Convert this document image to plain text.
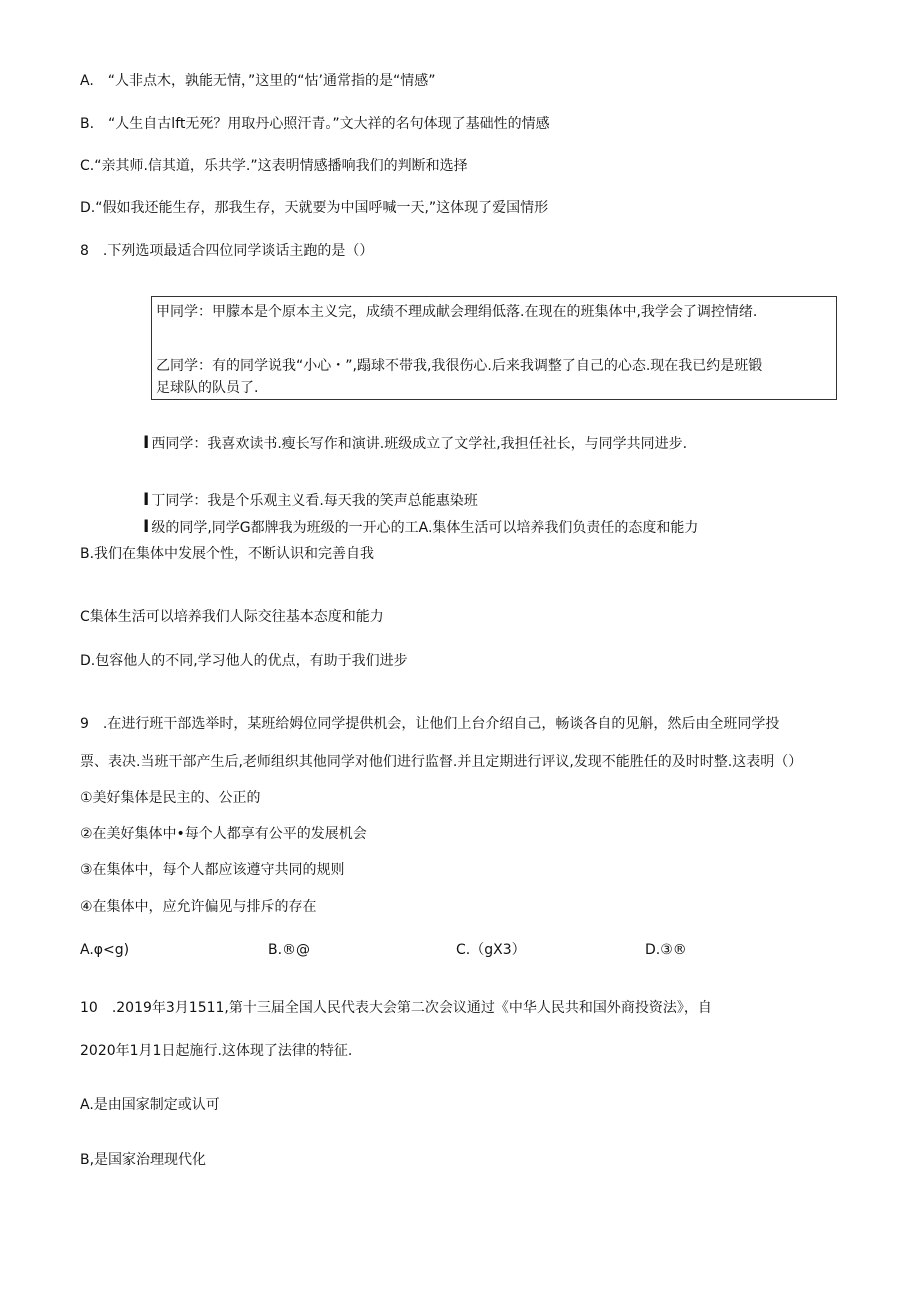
A.　“人非点木，孰能无情，”这里的“怙’通常指的是“情感”
B.　“人生自古lft无死？用取丹心照汗青。”文大祥的名句体现了基础性的情感
C.“亲其师.信其道，乐共学.”这表明情感播响我们的判断和选择
D.“假如我还能生存，那我生存，天就要为中国呼喊一天,”这体现了爱国情形
8　.下列选项最适合四位同学谈话主跑的是（）
甲同学：甲朦本是个原本主义完，成绩不理成献会理绢低落.在现在的班集体中,我学会了调控情绪.
乙同学：有的同学说我“小心・”,蹋球不带我,我很伤心.后来我调整了自己的心态.现在我已约是班锻
足球队的队员了.
I 西同学：我喜欢读书.瘦长写作和演讲.班级成立了文学社,我担任社长，与同学共同进步.
I 丁同学：我是个乐观主义看.每天我的笑声总能惠染班
I 级的同学,同学G都牌我为班级的一开心的工A.集体生活可以培养我们负责任的态度和能力
B.我们在集体中发展个性，不断认识和完善自我
C集体生活可以培养我们人际交往基本态度和能力
D.包容他人的不同,学习他人的优点，有助于我们进步
9　.在进行班干部选举时，某班给姆位同学提供机会，让他们上台介绍自己，畅谈各自的见斛，然后由全班同学投
票、表决.当班干部产生后,老师组织其他同学对他们进行监督.并且定期进行评议,发现不能胜任的及时时整.这表明（）
①美好集体是民主的、公正的
②在美好集体中•每个人都享有公平的发展机会
③在集体中，每个人都应该遵守共同的规则
④在集体中，应允许偏见与排斥的存在
A.φ<g)	B.®@	C.（gX3）	D.③®
10　.2019年3月1511,第十三届全国人民代表大会第二次会议通过《中华人民共和国外商投资法》，自
2020年1月1日起施行.这体现了法律的特征.
A.是由国家制定或认可
B,是国家治理现代化
